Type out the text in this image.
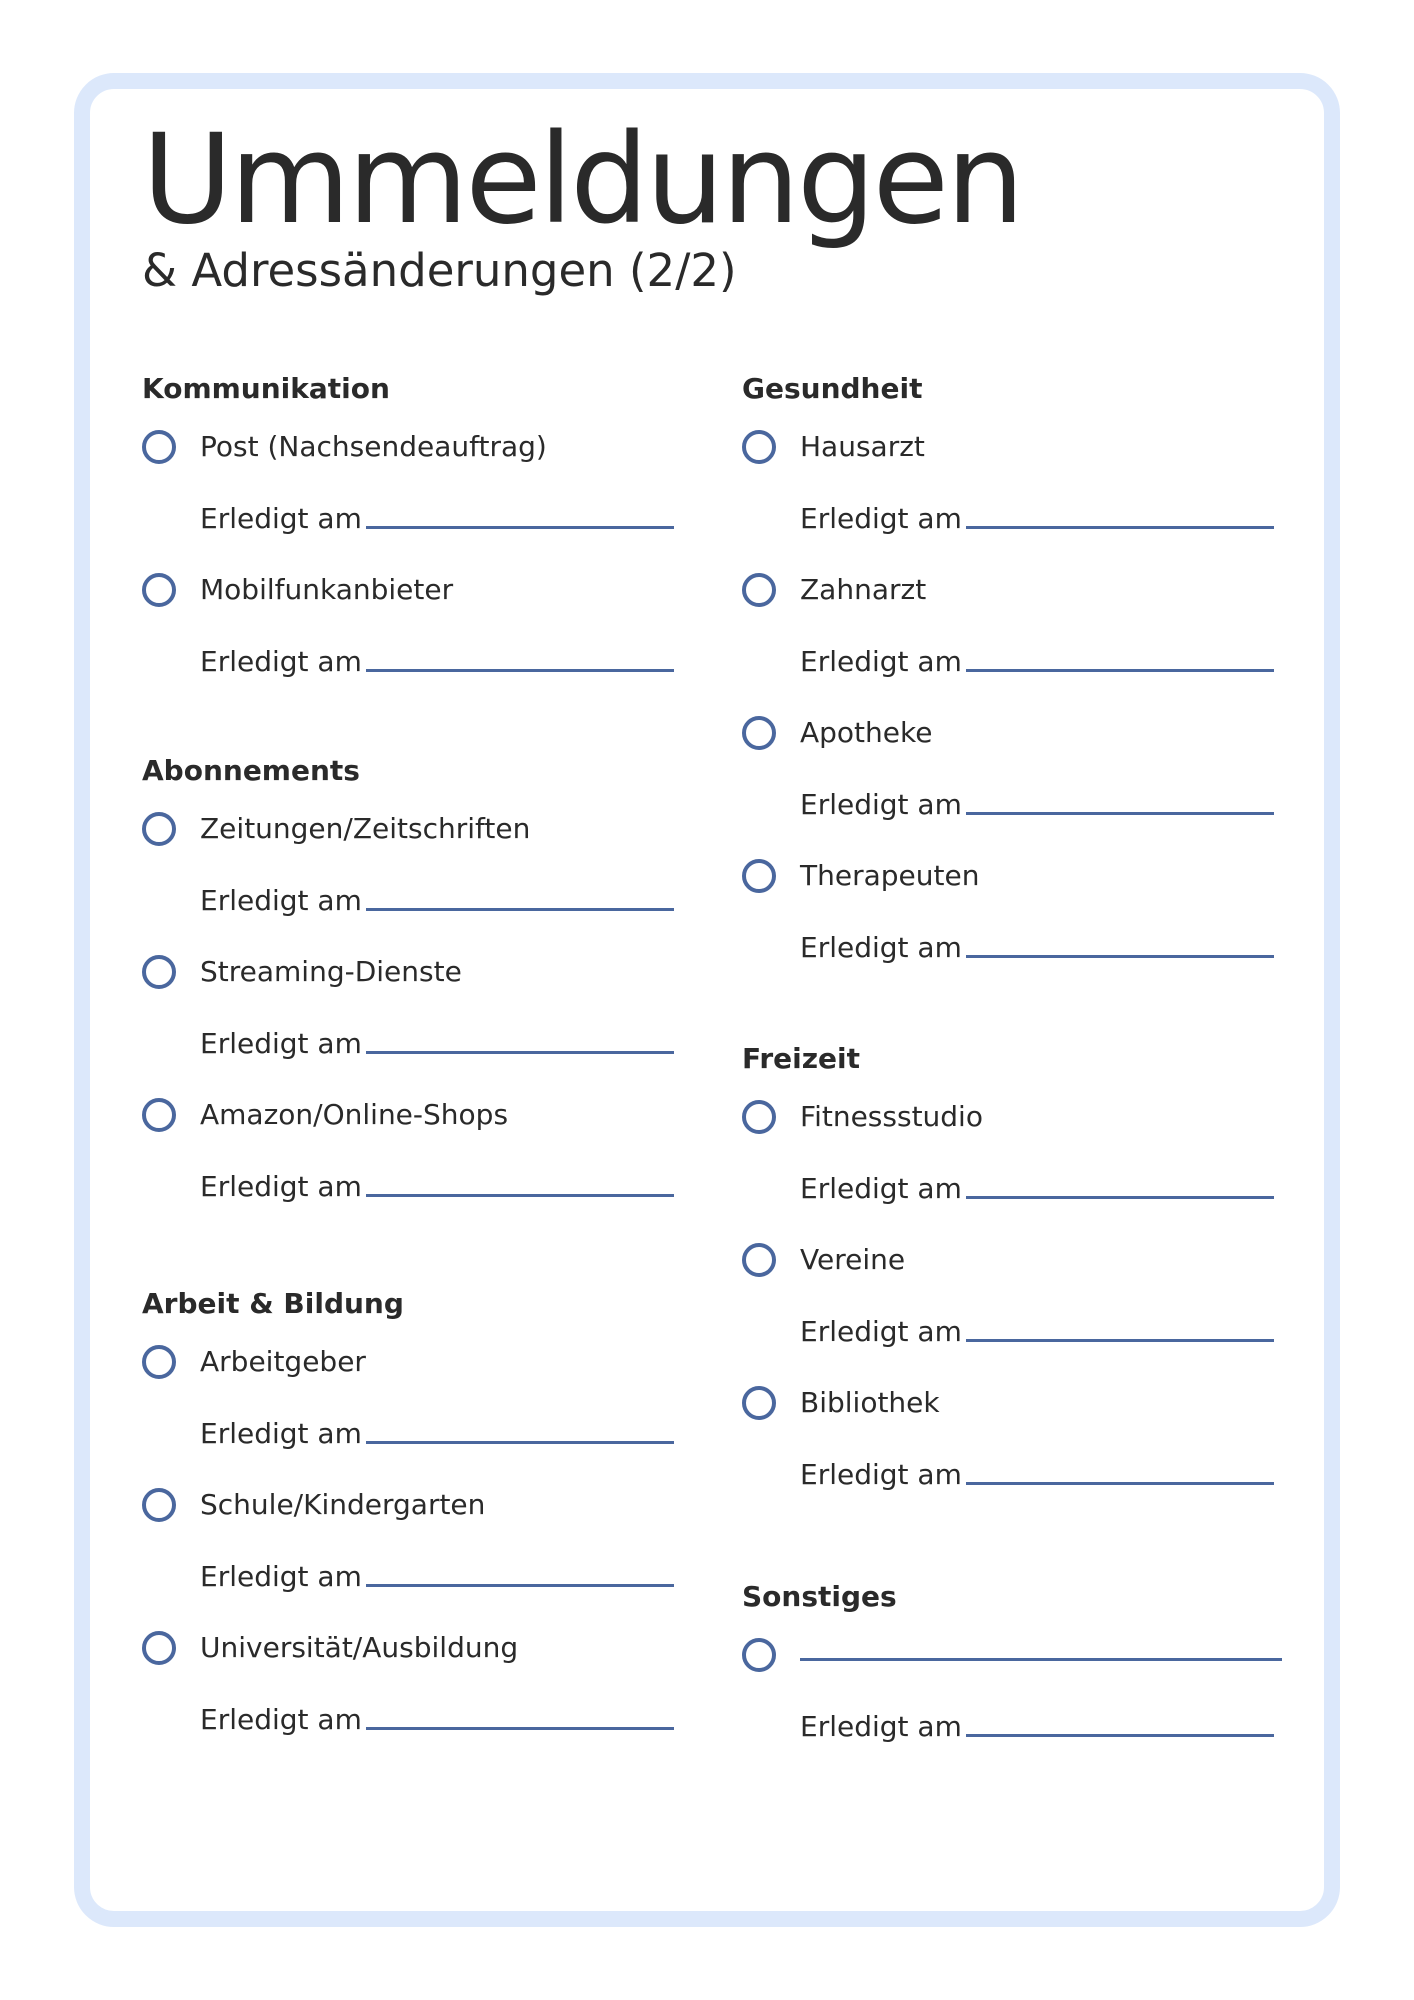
Ummeldungen
& Adressänderungen (2/2)
Kommunikation
Post (Nachsendeauftrag)
Erledigt am
Mobilfunkanbieter
Erledigt am
Abonnements
Zeitungen/Zeitschriften
Erledigt am
Streaming-Dienste
Erledigt am
Amazon/Online-Shops
Erledigt am
Arbeit & Bildung
Arbeitgeber
Erledigt am
Schule/Kindergarten
Erledigt am
Universität/Ausbildung
Erledigt am
Gesundheit
Hausarzt
Erledigt am
Zahnarzt
Erledigt am
Apotheke
Erledigt am
Therapeuten
Erledigt am
Freizeit
Fitnessstudio
Erledigt am
Vereine
Erledigt am
Bibliothek
Erledigt am
Sonstiges
Erledigt am
